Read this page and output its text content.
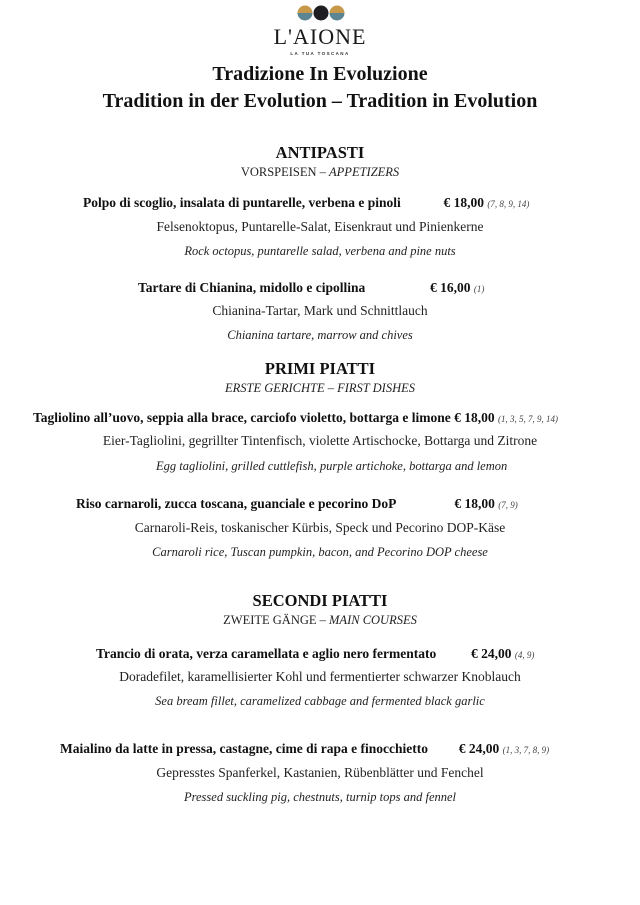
L'AIONE
LA TUA TOSCANA
Tradizione In Evoluzione
Tradition in der Evolution – Tradition in Evolution
ANTIPASTI
VORSPEISEN – APPETIZERS
Polpo di scoglio, insalata di puntarelle, verbena e pinoli	€ 18,00 (7, 8, 9, 14)
Felsenoktopus, Puntarelle-Salat, Eisenkraut und Pinienkerne
Rock octopus, puntarelle salad, verbena and pine nuts
Tartare di Chianina, midollo e cipollina	€ 16,00 (1)
Chianina-Tartar, Mark und Schnittlauch
Chianina tartare, marrow and chives
PRIMI PIATTI
ERSTE GERICHTE – FIRST DISHES
Tagliolino all’uovo, seppia alla brace, carciofo violetto, bottarga e limone € 18,00 (1, 3, 5, 7, 9, 14)
Eier-Tagliolini, gegrillter Tintenfisch, violette Artischocke, Bottarga und Zitrone
Egg tagliolini, grilled cuttlefish, purple artichoke, bottarga and lemon
Riso carnaroli, zucca toscana, guanciale e pecorino DoP	€ 18,00 (7, 9)
Carnaroli-Reis, toskanischer Kürbis, Speck und Pecorino DOP-Käse
Carnaroli rice, Tuscan pumpkin, bacon, and Pecorino DOP cheese
SECONDI PIATTI
ZWEITE GÄNGE – MAIN COURSES
Trancio di orata, verza caramellata e aglio nero fermentato	€ 24,00 (4, 9)
Doradefilet, karamellisierter Kohl und fermentierter schwarzer Knoblauch
Sea bream fillet, caramelized cabbage and fermented black garlic
Maialino da latte in pressa, castagne, cime di rapa e finocchietto € 24,00 (1, 3, 7, 8, 9)
Gepresstes Spanferkel, Kastanien, Rübenblätter und Fenchel
Pressed suckling pig, chestnuts, turnip tops and fennel
